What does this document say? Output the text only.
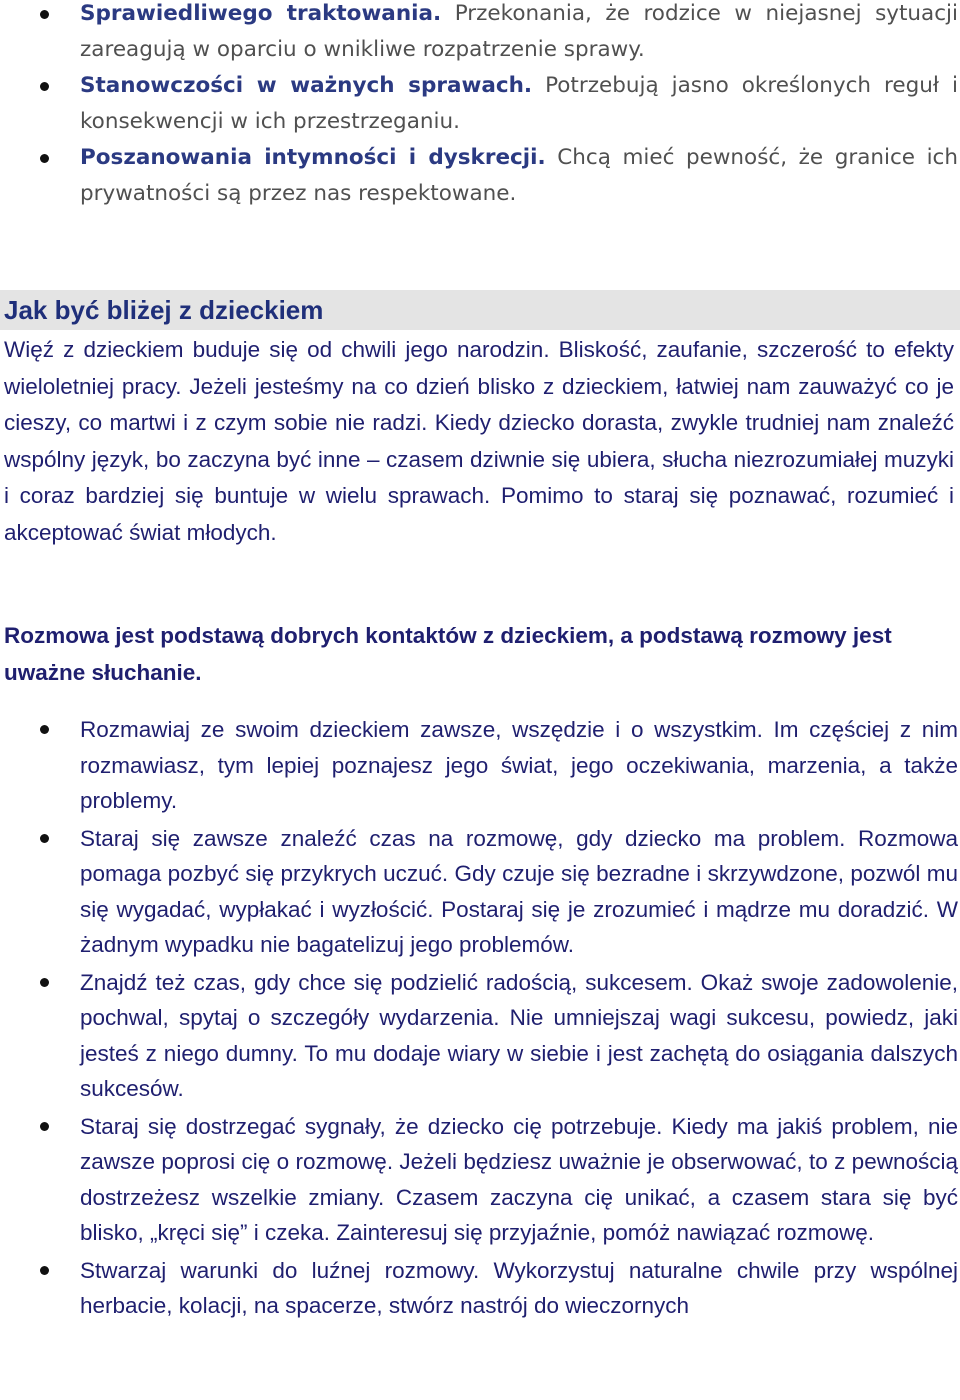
Sprawiedliwego traktowania. Przekonania, że rodzice w niejasnej sytuacji zareagują w oparciu o wnikliwe rozpatrzenie sprawy.
Stanowczości w ważnych sprawach. Potrzebują jasno określonych reguł i konsekwencji w ich przestrzeganiu.
Poszanowania intymności i dyskrecji. Chcą mieć pewność, że granice ich prywatności są przez nas respektowane.
Jak być bliżej z dzieckiem

Więź z dzieckiem buduje się od chwili jego narodzin. Bliskość, zaufanie, szczerość to efekty wieloletniej pracy. Jeżeli jesteśmy na co dzień blisko z dzieckiem, łatwiej nam zauważyć co je cieszy, co martwi i z czym sobie nie radzi. Kiedy dziecko dorasta, zwykle trudniej nam znaleźć wspólny język, bo zaczyna być inne – czasem dziwnie się ubiera, słucha niezrozumiałej muzyki i coraz bardziej się buntuje w wielu sprawach. Pomimo to staraj się poznawać, rozumieć i akceptować świat młodych.

Rozmowa jest podstawą dobrych kontaktów z dzieckiem, a podstawą rozmowy jest uważne słuchanie.

Rozmawiaj ze swoim dzieckiem zawsze, wszędzie i o wszystkim. Im częściej z nim rozmawiasz, tym lepiej poznajesz jego świat, jego oczekiwania, marzenia, a także problemy.
Staraj się zawsze znaleźć czas na rozmowę, gdy dziecko ma problem. Rozmowa pomaga pozbyć się przykrych uczuć. Gdy czuje się bezradne i skrzywdzone, pozwól mu się wygadać, wypłakać i wyzłościć. Postaraj się je zrozumieć i mądrze mu doradzić. W żadnym wypadku nie bagatelizuj jego problemów.
Znajdź też czas, gdy chce się podzielić radością, sukcesem. Okaż swoje zadowolenie, pochwal, spytaj o szczegóły wydarzenia. Nie umniejszaj wagi sukcesu, powiedz, jaki jesteś z niego dumny. To mu dodaje wiary w siebie i jest zachętą do osiągania dalszych sukcesów.
Staraj się dostrzegać sygnały, że dziecko cię potrzebuje. Kiedy ma jakiś problem, nie zawsze poprosi cię o rozmowę. Jeżeli będziesz uważnie je obserwować, to z pewnością dostrzeżesz wszelkie zmiany. Czasem zaczyna cię unikać, a czasem stara się być blisko, „kręci się” i czeka. Zainteresuj się przyjaźnie, pomóż nawiązać rozmowę.
Stwarzaj warunki do luźnej rozmowy. Wykorzystuj naturalne chwile przy wspólnej herbacie, kolacji, na spacerze, stwórz nastrój do wieczornych
